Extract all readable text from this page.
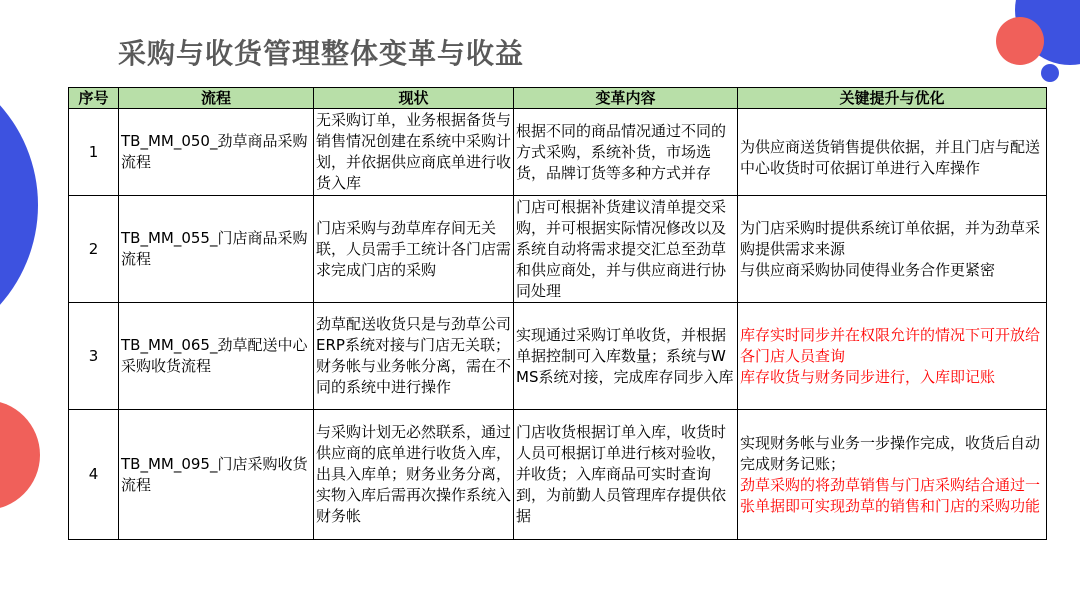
采购与收货管理整体变革与收益
序号	流程	现状	变革内容	关键提升与优化
1	TB_MM_050_劲草商品采购流程	无采购订单，业务根据备货与销售情况创建在系统中采购计划，并依据供应商底单进行收货入库	根据不同的商品情况通过不同的方式采购，系统补货，市场选货，品牌订货等多种方式并存	为供应商送货销售提供依据，并且门店与配送中心收货时可依据订单进行入库操作

2	TB_MM_055_门店商品采购流程	门店采购与劲草库存间无关联，人员需手工统计各门店需求完成门店的采购	门店可根据补货建议清单提交采购，并可根据实际情况修改以及系统自动将需求提交汇总至劲草和供应商处，并与供应商进行协同处理	为门店采购时提供系统订单依据，并为劲草采购提供需求来源
与供应商采购协同使得业务合作更紧密

3	TB_MM_065_劲草配送中心采购收货流程	劲草配送收货只是与劲草公司ERP系统对接与门店无关联；财务帐与业务帐分离，需在不同的系统中进行操作	实现通过采购订单收货，并根据单据控制可入库数量；系统与WMS系统对接，完成库存同步入库	库存实时同步并在权限允许的情况下可开放给各门店人员查询
库存收货与财务同步进行，入库即记账

4	TB_MM_095_门店采购收货流程	与采购计划无必然联系，通过供应商的底单进行收货入库，出具入库单；财务业务分离，实物入库后需再次操作系统入财务帐	门店收货根据订单入库，收货时人员可根据订单进行核对验收，并收货；入库商品可实时查询到，为前勤人员管理库存提供依据	实现财务帐与业务一步操作完成，收货后自动完成财务记账；
劲草采购的将劲草销售与门店采购结合通过一张单据即可实现劲草的销售和门店的采购功能
